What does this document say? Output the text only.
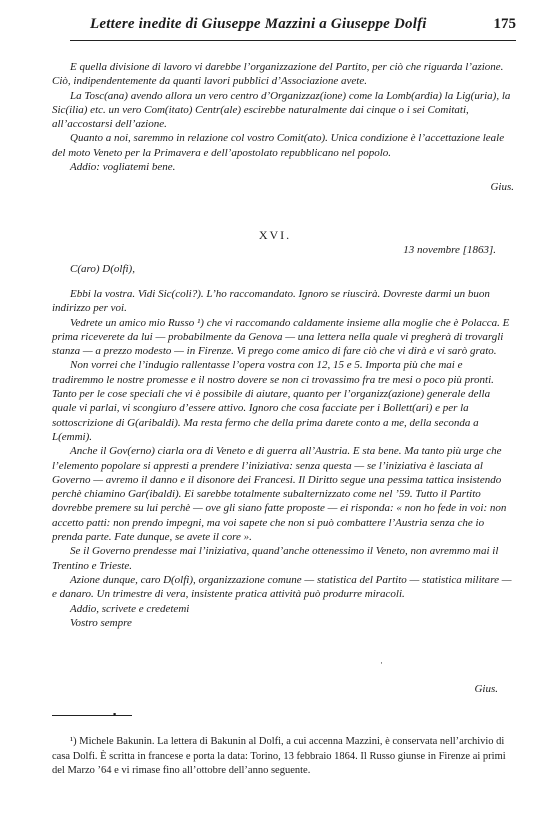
Lettere inedite di Giuseppe Mazzini a Giuseppe Dolfi	175

E quella divisione di lavoro vi darebbe l’organizzazione del Partito, per ciò che riguarda l’azione. Ciò, indipendentemente da quanti lavori pubblici d’Associazione avete.

La Tosc(ana) avendo allora un vero centro d’Organizzaz(ione) come la Lomb(ardia) la Lig(uria), la Sic(ilia) etc. un vero Com(itato) Centr(ale) escirebbe naturalmente dai cinque o i sei Comitati, all’accostarsi dell’azione.

Quanto a noi, saremmo in relazione col vostro Comit(ato). Unica condizione è l’accettazione leale del moto Veneto per la Primavera e dell’apostolato repubblicano nel popolo.

Addio: vogliatemi bene.

Gius.
XVI.

13 novembre [1863].

C(aro) D(olfi),

Ebbi la vostra. Vidi Sic(coli?). L’ho raccomandato. Ignoro se riuscirà. Dovreste darmi un buon indirizzo per voi.

Vedrete un amico mio Russo ¹) che vi raccomando caldamente insieme alla moglie che è Polacca. E prima riceverete da lui — probabilmente da Genova — una lettera nella quale vi pregherà di trovargli stanza — a prezzo modesto — in Firenze. Vi prego come amico di fare ciò che vi dirà e vi sarò grato.

Non vorrei che l’indugio rallentasse l’opera vostra con 12, 15 e 5. Importa più che mai e tradiremmo le nostre promesse e il nostro dovere se non ci trovassimo fra tre mesi o poco più pronti. Tanto per le cose speciali che vi è possibile di aiutare, quanto per l’organizz(azione) generale della quale vi parlai, vi scongiuro d’essere attivo. Ignoro che cosa facciate per i Bollett(ari) e per la sottoscrizione di G(aribaldi). Ma resta fermo che della prima darete conto a me, della seconda a L(emmi).

Anche il Gov(erno) ciarla ora di Veneto e di guerra all’Austria. E sta bene. Ma tanto più urge che l’elemento popolare si appresti a prendere l’iniziativa: senza questa — se l’iniziativa è lasciata al Governo — avremo il danno e il disonore dei Francesi. Il Diritto segue una pessima tattica insistendo perchè chiamino Gar(ibaldi). Ei sarebbe totalmente subalternizzato come nel ’59. Tutto il Partito dovrebbe premere su lui perchè — ove gli siano fatte proposte — ei risponda: « non ho fede in voi: non accetto patti: non prendo impegni, ma voi sapete che non si può combattere l’Austria senza che io prenda parte. Fate dunque, se avete il core ».

Se il Governo prendesse mai l’iniziativa, quand’anche ottenessimo il Veneto, non avremmo mai il Trentino e Trieste.

Azione dunque, caro D(olfi), organizzazione comune — statistica del Partito — statistica militare — e danaro. Un trimestre di vera, insistente pratica attività può produrre miracoli.

Addio, scrivete e credetemi

Vostro sempre

Gius.
▪
·
¹) Michele Bakunin. La lettera di Bakunin al Dolfi, a cui accenna Mazzini, è conservata nell’archivio di casa Dolfi. È scritta in francese e porta la data: Torino, 13 febbraio 1864. Il Russo giunse in Firenze ai primi del Marzo ’64 e vi rimase fino all’ottobre dell’anno seguente.
